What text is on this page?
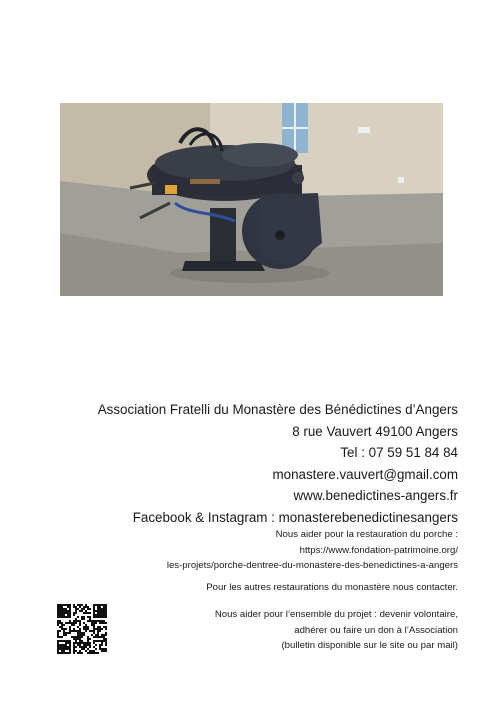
Association Fratelli du Monastère des Bénédictines d’Angers
8 rue Vauvert 49100 Angers
Tel : 07 59 51 84 84
monastere.vauvert@gmail.com
www.benedictines-angers.fr
Facebook & Instagram : monasterebenedictinesangers
Nous aider pour la restauration du porche :
https://www.fondation-patrimoine.org/
les-projets/porche-dentree-du-monastere-des-benedictines-a-angers
Pour les autres restaurations du monastère nous contacter.
Nous aider pour l’ensemble du projet : devenir volontaire,
adhérer ou faire un don à l’Association
(bulletin disponible sur le site ou par mail)
